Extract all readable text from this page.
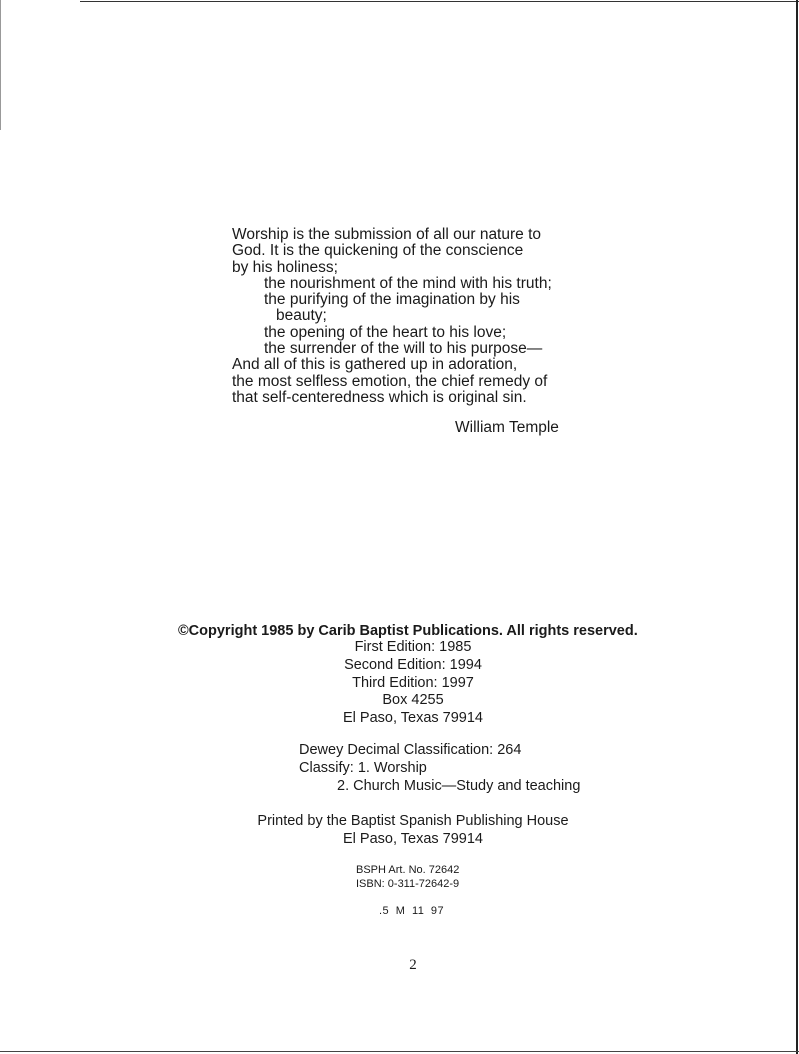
Worship is the submission of all our nature to
God. It is the quickening of the conscience
by his holiness;
the nourishment of the mind with his truth;
the purifying of the imagination by his
beauty;
the opening of the heart to his love;
the surrender of the will to his purpose—
And all of this is gathered up in adoration,
the most selfless emotion, the chief remedy of
that self-centeredness which is original sin.
William Temple
©Copyright 1985 by Carib Baptist Publications. All rights reserved.
First Edition: 1985
Second Edition: 1994
Third Edition: 1997
Box 4255
El Paso, Texas 79914
Dewey Decimal Classification: 264
Classify: 1. Worship
2. Church Music—Study and teaching
Printed by the Baptist Spanish Publishing House
El Paso, Texas 79914
BSPH Art. No. 72642
ISBN: 0-311-72642-9
.5 M 11 97
2
